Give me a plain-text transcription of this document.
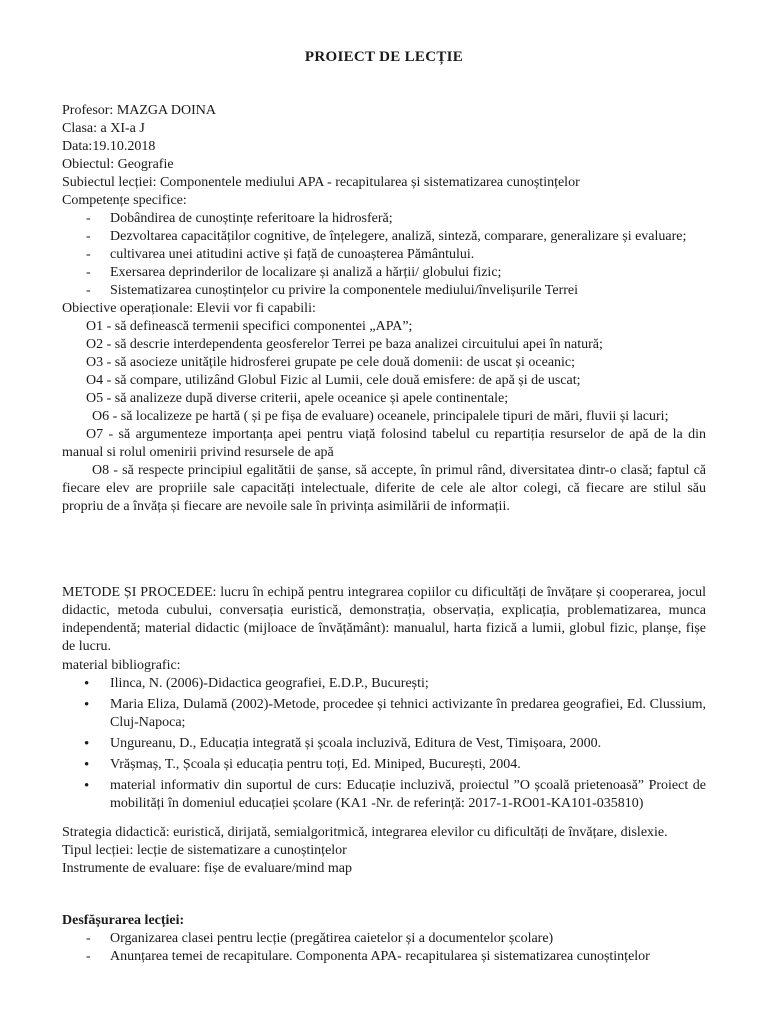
PROIECT DE LECȚIE
Profesor: MAZGA DOINA
Clasa: a XI-a J
Data:19.10.2018
Obiectul: Geografie
Subiectul lecției: Componentele mediului APA - recapitularea și sistematizarea cunoștințelor
Competențe specifice:
- Dobândirea de cunoștințe referitoare la hidrosferă;
- Dezvoltarea capacităților cognitive, de înțelegere, analiză, sinteză, comparare, generalizare și evaluare;
- cultivarea unei atitudini active și față de cunoașterea Pământului.
- Exersarea deprinderilor de localizare și analiză a hărții/ globului fizic;
- Sistematizarea cunoștințelor cu privire la componentele mediului/învelișurile Terrei
Obiective operaționale: Elevii vor fi capabili:
O1 - să definească termenii specifici componentei „APA”;
O2 - să descrie interdependenta geosferelor Terrei pe baza analizei circuitului apei în natură;
O3 - să asocieze unitățile hidrosferei grupate pe cele două domenii: de uscat și oceanic;
O4 - să compare, utilizând Globul Fizic al Lumii, cele două emisfere: de apă și de uscat;
O5 - să analizeze după diverse criterii, apele oceanice și apele continentale;
O6 - să localizeze pe hartă ( și pe fișa de evaluare) oceanele, principalele tipuri de mări, fluvii și lacuri;
O7 - să argumenteze importanța apei pentru viață folosind tabelul cu repartiția resurselor de apă de la din manual si rolul omenirii privind resursele de apă
O8 - să respecte principiul egalitătii de șanse, să accepte, în primul rând, diversitatea dintr-o clasă; faptul că fiecare elev are propriile sale capacități intelectuale, diferite de cele ale altor colegi, că fiecare are stilul său propriu de a învăța și fiecare are nevoile sale în privința asimilării de informații.
METODE ȘI PROCEDEE: lucru în echipă pentru integrarea copiilor cu dificultăți de învățare și cooperarea, jocul didactic, metoda cubului, conversația euristică, demonstrația, observația, explicația, problematizarea, munca independentă; material didactic (mijloace de învățământ): manualul, harta fizică a lumii, globul fizic, planșe, fișe de lucru.
material bibliografic:
• Ilinca, N. (2006)-Didactica geografiei, E.D.P., București;
• Maria Eliza, Dulamă (2002)-Metode, procedee și tehnici activizante în predarea geografiei, Ed. Clussium, Cluj-Napoca;
• Ungureanu, D., Educația integrată și școala incluzivă, Editura de Vest, Timișoara, 2000.
• Vrășmaș, T., Școala și educația pentru toți, Ed. Miniped, București, 2004.
• material informativ din suportul de curs: Educație incluzivă, proiectul ”O școală prietenoasă” Proiect de mobilități în domeniul educației școlare (KA1 -Nr. de referință: 2017-1-RO01-KA101-035810)
Strategia didactică: euristică, dirijată, semialgoritmică, integrarea elevilor cu dificultăți de învățare, dislexie.
Tipul lecției: lecție de sistematizare a cunoștințelor
Instrumente de evaluare: fișe de evaluare/mind map
Desfășurarea lecției:
- Organizarea clasei pentru lecție (pregătirea caietelor și a documentelor școlare)
- Anunțarea temei de recapitulare. Componenta APA- recapitularea și sistematizarea cunoștințelor
